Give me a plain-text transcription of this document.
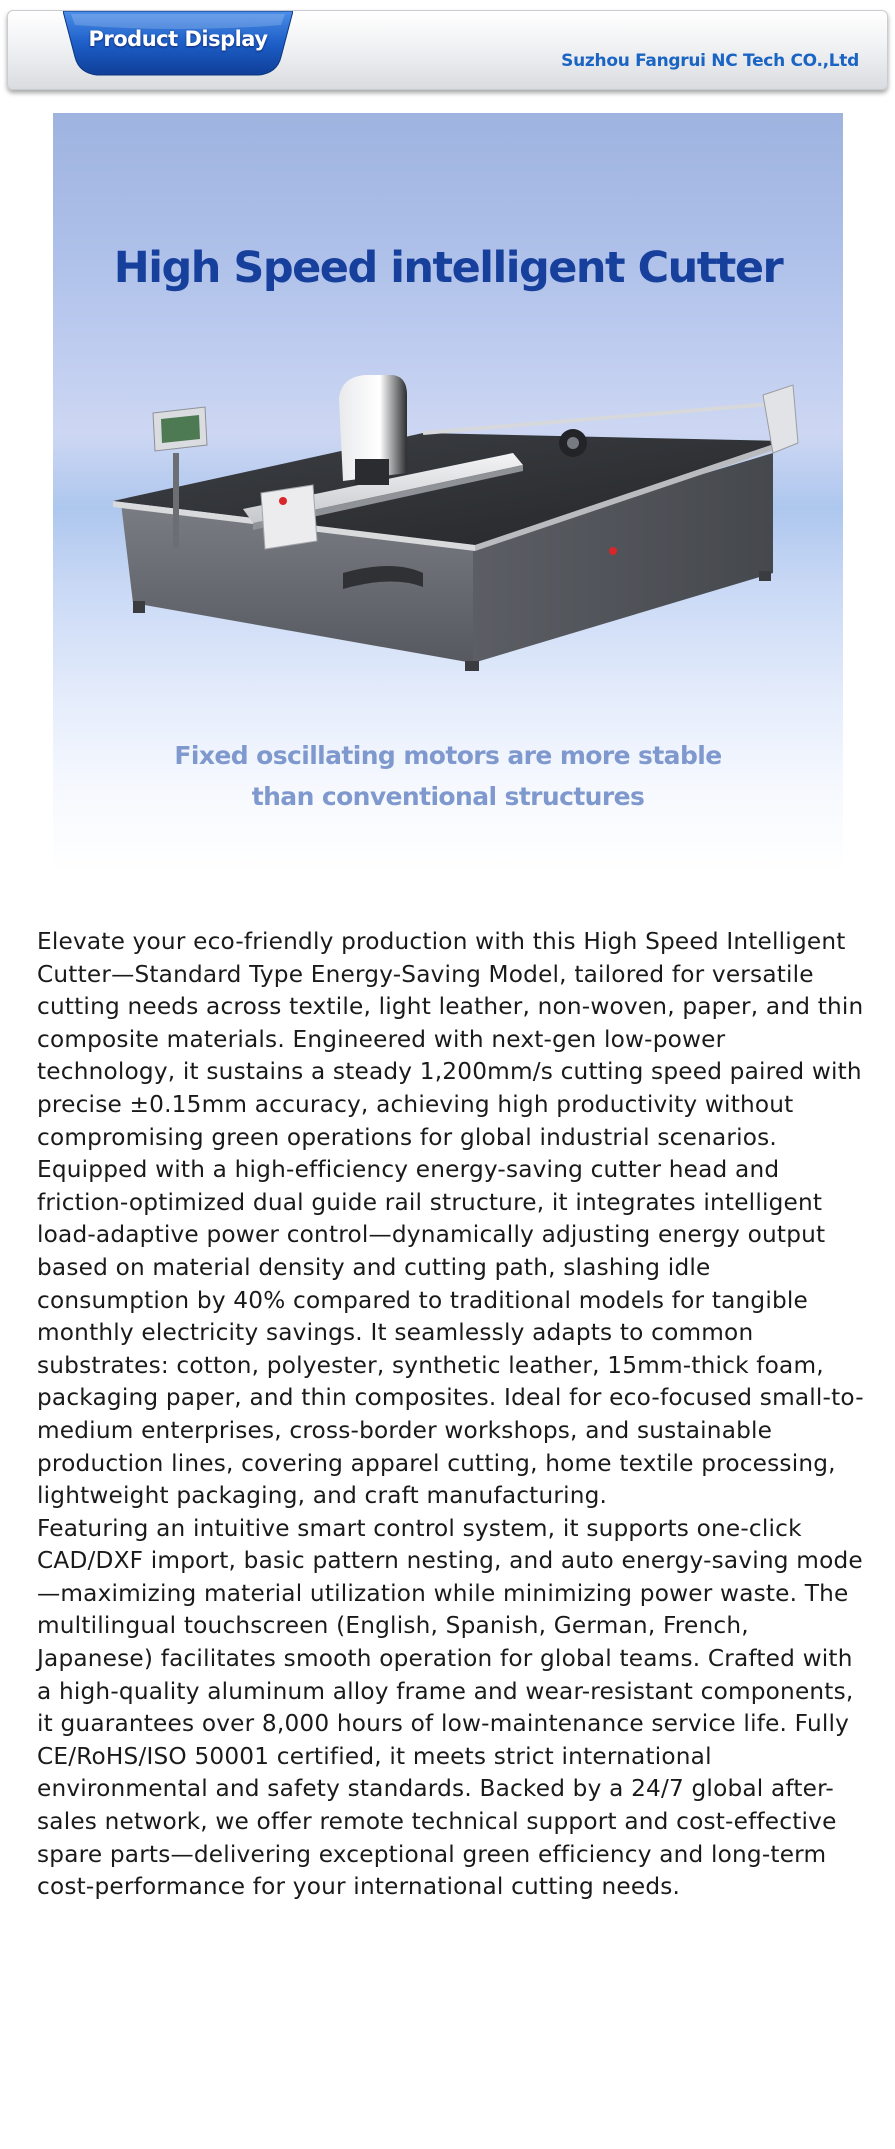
Product Display
Suzhou Fangrui NC Tech CO.,Ltd
High Speed intelligent Cutter
Fixed oscillating motors are more stable
than conventional structures

Elevate your eco-friendly production with this High Speed Intelligent Cutter—Standard Type Energy-Saving Model, tailored for versatile cutting needs across textile, light leather, non-woven, paper, and thin composite materials. Engineered with next-gen low-power technology, it sustains a steady 1,200mm/s cutting speed paired with precise ±0.15mm accuracy, achieving high productivity without compromising green operations for global industrial scenarios.

Equipped with a high-efficiency energy-saving cutter head and friction-optimized dual guide rail structure, it integrates intelligent load-adaptive power control—dynamically adjusting energy output based on material density and cutting path, slashing idle consumption by 40% compared to traditional models for tangible monthly electricity savings. It seamlessly adapts to common substrates: cotton, polyester, synthetic leather, 15mm-thick foam, packaging paper, and thin composites. Ideal for eco-focused small-to-medium enterprises, cross-border workshops, and sustainable production lines, covering apparel cutting, home textile processing, lightweight packaging, and craft manufacturing.

Featuring an intuitive smart control system, it supports one-click CAD/DXF import, basic pattern nesting, and auto energy-saving mode—maximizing material utilization while minimizing power waste. The multilingual touchscreen (English, Spanish, German, French, Japanese) facilitates smooth operation for global teams. Crafted with a high-quality aluminum alloy frame and wear-resistant components, it guarantees over 8,000 hours of low-maintenance service life. Fully CE/RoHS/ISO 50001 certified, it meets strict international environmental and safety standards. Backed by a 24/7 global after-sales network, we offer remote technical support and cost-effective spare parts—delivering exceptional green efficiency and long-term cost-performance for your international cutting needs.
